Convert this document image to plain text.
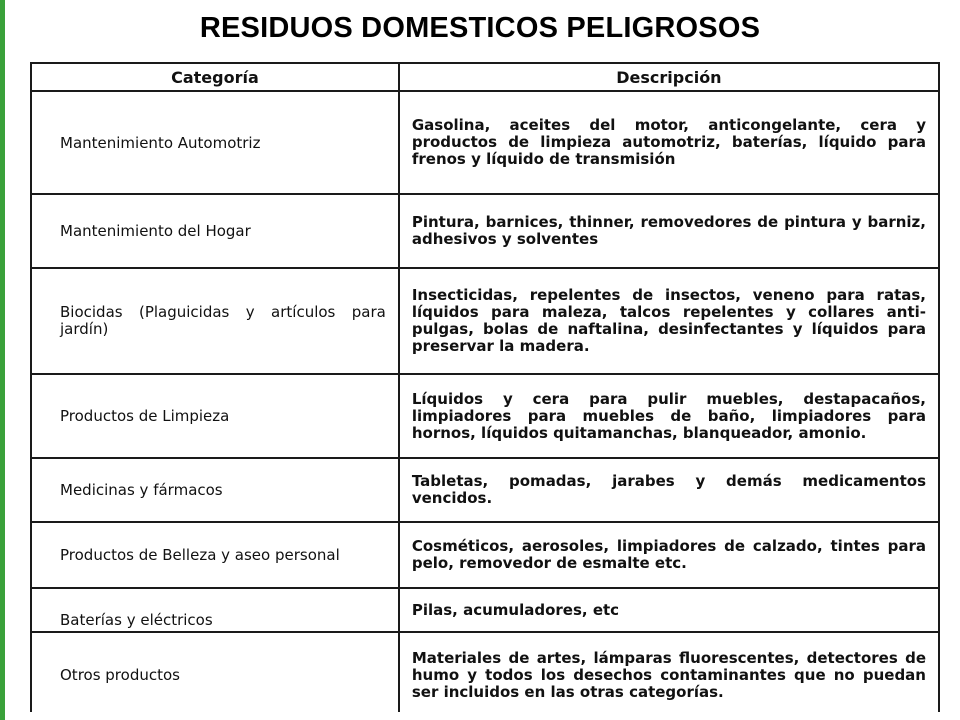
RESIDUOS DOMESTICOS PELIGROSOS
Categoría	Descripción
Mantenimiento Automotriz	Gasolina, aceites del motor, anticongelante, cera y productos de limpieza automotriz, baterías, líquido para frenos y líquido de transmisión
Mantenimiento del Hogar	Pintura, barnices, thinner, removedores de pintura y barniz, adhesivos y solventes
Biocidas (Plaguicidas y artículos para jardín)	Insecticidas, repelentes de insectos, veneno para ratas, líquidos para maleza, talcos repelentes y collares anti-pulgas, bolas de naftalina, desinfectantes y líquidos para preservar la madera.
Productos de Limpieza	Líquidos y cera para pulir muebles, destapacaños, limpiadores para muebles de baño, limpiadores para hornos, líquidos quitamanchas, blanqueador, amonio.
Medicinas y fármacos	Tabletas, pomadas, jarabes y demás medicamentos vencidos.
Productos de Belleza y aseo personal	Cosméticos, aerosoles, limpiadores de calzado, tintes para pelo, removedor de esmalte etc.
Baterías y eléctricos	Pilas, acumuladores, etc
Otros productos	Materiales de artes, lámparas fluorescentes, detectores de humo y todos los desechos contaminantes que no puedan ser incluidos en las otras categorías.
